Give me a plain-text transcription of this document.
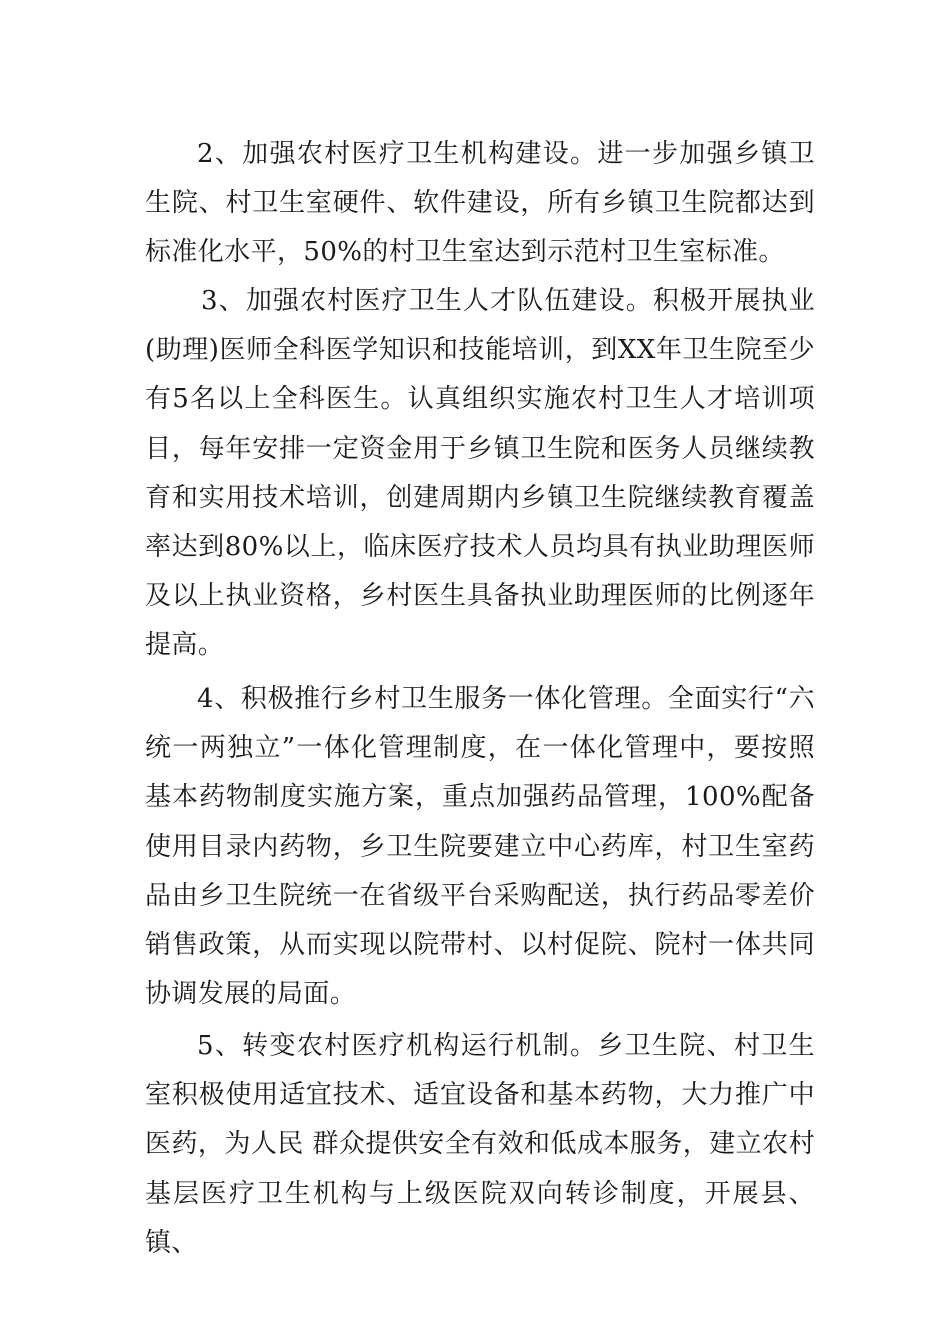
2、加强农村医疗卫生机构建设。进一步加强乡镇卫生院、村卫生室硬件、软件建设，所有乡镇卫生院都达到标准化水平，50%的村卫生室达到示范村卫生室标准。

3、加强农村医疗卫生人才队伍建设。积极开展执业(助理)医师全科医学知识和技能培训，到XX年卫生院至少有5名以上全科医生。认真组织实施农村卫生人才培训项目，每年安排一定资金用于乡镇卫生院和医务人员继续教育和实用技术培训，创建周期内乡镇卫生院继续教育覆盖率达到80%以上，临床医疗技术人员均具有执业助理医师及以上执业资格，乡村医生具备执业助理医师的比例逐年提高。

4、积极推行乡村卫生服务一体化管理。全面实行“六统一两独立”一体化管理制度，在一体化管理中，要按照基本药物制度实施方案，重点加强药品管理，100%配备使用目录内药物，乡卫生院要建立中心药库，村卫生室药品由乡卫生院统一在省级平台采购配送，执行药品零差价销售政策，从而实现以院带村、以村促院、院村一体共同协调发展的局面。

5、转变农村医疗机构运行机制。乡卫生院、村卫生室积极使用适宜技术、适宜设备和基本药物，大力推广中医药，为人民 群众提供安全有效和低成本服务，建立农村基层医疗卫生机构与上级医院双向转诊制度，开展县、镇、
